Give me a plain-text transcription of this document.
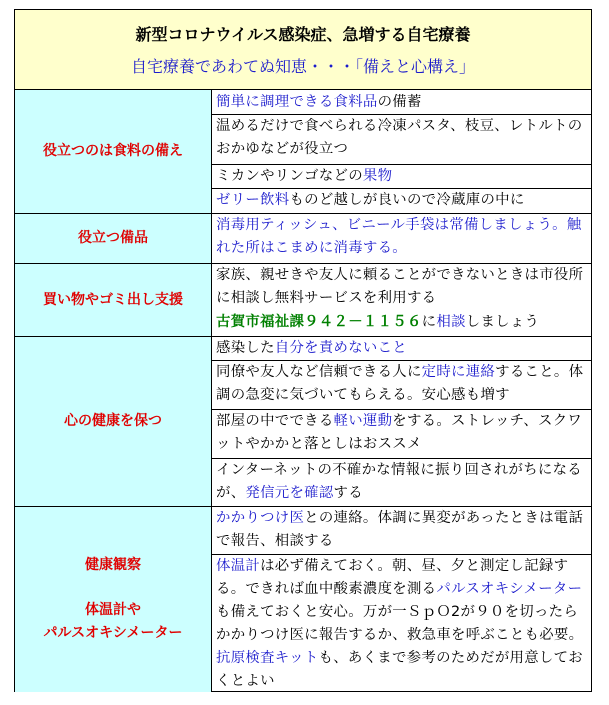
新型コロナウイルス感染症、急増する自宅療養
自宅療養であわてぬ知恵・・・「備えと心構え」
役立つのは食料の備え
簡単に調理できる食料品の備蓄
温めるだけで食べられる冷凍パスタ、枝豆、レトルトのおかゆなどが役立つ
ミカンやリンゴなどの果物
ゼリー飲料ものど越しが良いので冷蔵庫の中に
役立つ備品
消毒用ティッシュ、ビニール手袋は常備しましょう。触れた所はこまめに消毒する。
買い物やゴミ出し支援
家族、親せきや友人に頼ることができないときは市役所に相談し無料サービスを利用する
古賀市福祉課９４２－１１５６に相談しましょう
心の健康を保つ
感染した自分を責めないこと
同僚や友人など信頼できる人に定時に連絡すること。体調の急変に気づいてもらえる。安心感も増す
部屋の中でできる軽い運動をする。ストレッチ、スクワットやかかと落としはおススメ
インターネットの不確かな情報に振り回されがちになるが、発信元を確認する
健康観察
体温計や
パルスオキシメーター
かかりつけ医との連絡。体調に異変があったときは電話で報告、相談する
体温計は必ず備えておく。朝、昼、夕と測定し記録する。できれば血中酸素濃度を測るパルスオキシメーターも備えておくと安心。万が一ＳｐＯ2が９０を切ったらかかりつけ医に報告するか、救急車を呼ぶことも必要。抗原検査キットも、あくまで参考のためだが用意しておくとよい
